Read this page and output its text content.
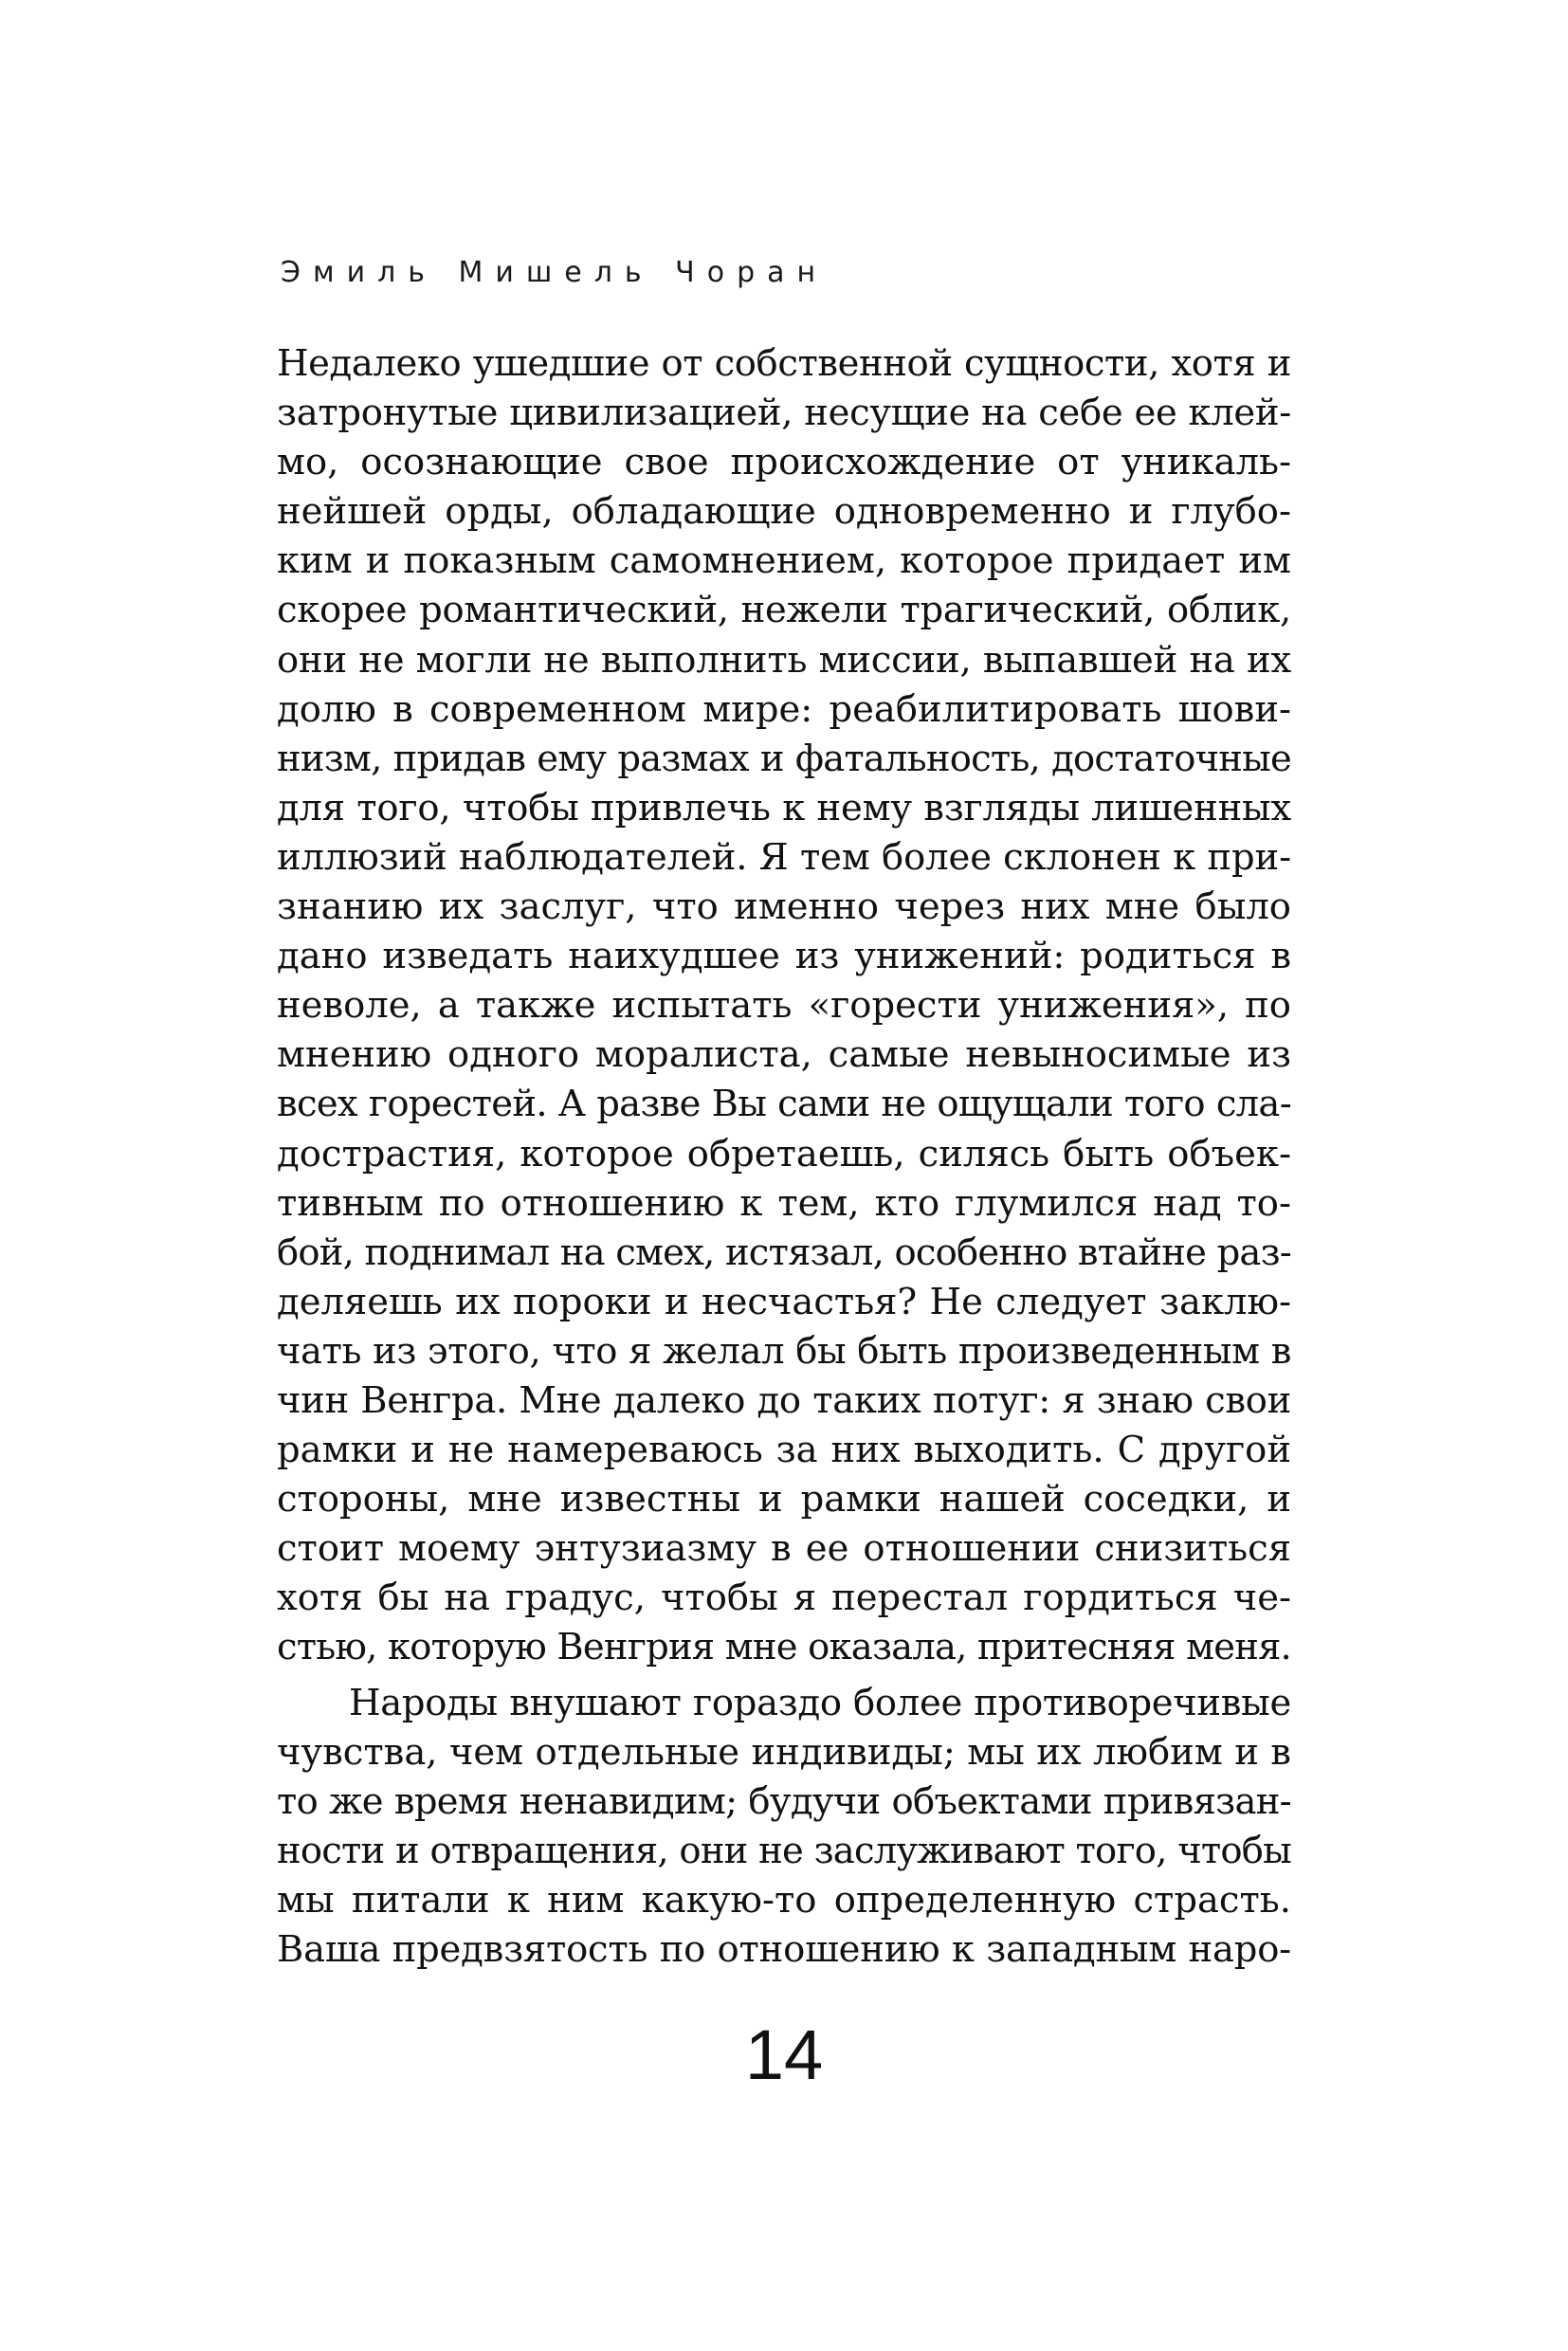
Эмиль Мишель Чоран
Недалеко ушедшие от собственной сущности, хотя и
затронутые цивилизацией, несущие на себе ее клей-
мо, осознающие свое происхождение от уникаль-
нейшей орды, обладающие одновременно и глубо-
ким и показным самомнением, которое придает им
скорее романтический, нежели трагический, облик,
они не могли не выполнить миссии, выпавшей на их
долю в современном мире: реабилитировать шови-
низм, придав ему размах и фатальность, достаточные
для того, чтобы привлечь к нему взгляды лишенных
иллюзий наблюдателей. Я тем более склонен к при-
знанию их заслуг, что именно через них мне было
дано изведать наихудшее из унижений: родиться в
неволе, а также испытать «горести унижения», по
мнению одного моралиста, самые невыносимые из
всех горестей. А разве Вы сами не ощущали того сла-
дострастия, которое обретаешь, силясь быть объек-
тивным по отношению к тем, кто глумился над то-
бой, поднимал на смех, истязал, особенно втайне раз-
деляешь их пороки и несчастья? Не следует заклю-
чать из этого, что я желал бы быть произведенным в
чин Венгра. Мне далеко до таких потуг: я знаю свои
рамки и не намереваюсь за них выходить. С другой
стороны, мне известны и рамки нашей соседки, и
стоит моему энтузиазму в ее отношении снизиться
хотя бы на градус, чтобы я перестал гордиться че-
стью, которую Венгрия мне оказала, притесняя меня.
Народы внушают гораздо более противоречивые
чувства, чем отдельные индивиды; мы их любим и в
то же время ненавидим; будучи объектами привязан-
ности и отвращения, они не заслуживают того, чтобы
мы питали к ним какую-то определенную страсть.
Ваша предвзятость по отношению к западным наро-
14
